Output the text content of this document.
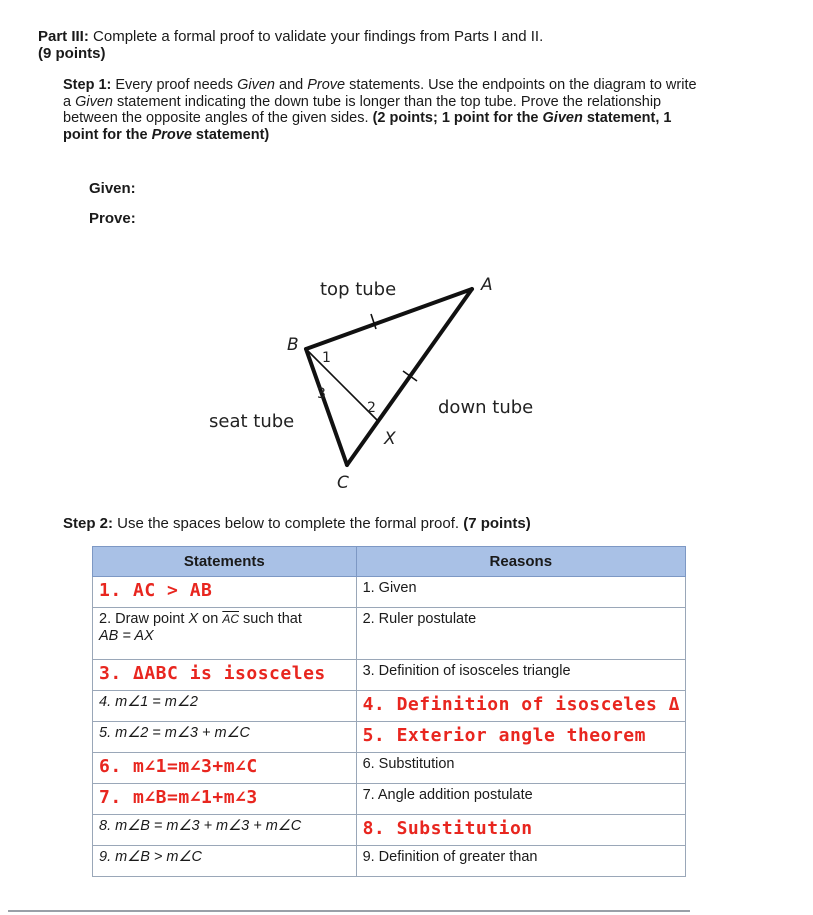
Part III: Complete a formal proof to validate your findings from Parts I and II.
(9 points)
Step 1: Every proof needs Given and Prove statements. Use the endpoints on the diagram to write a Given statement indicating the down tube is longer than the top tube. Prove the relationship between the opposite angles of the given sides. (2 points; 1 point for the Given statement, 1 point for the Prove statement)
Given:
Prove:
top tube
down tube
seat tube
A
B
C
X
1
3
2
Step 2: Use the spaces below to complete the formal proof. (7 points)
Statements	Reasons
1. AC > AB	1. Given
2. Draw point X on $\overline{AC}$ such that
AB = AX	2. Ruler postulate
3. ΔABC is isosceles	3. Definition of isosceles triangle
4. m∠1 = m∠2	4. Definition of isosceles Δ
5. m∠2 = m∠3 + m∠C	5. Exterior angle theorem
6. m∠1=m∠3+m∠C	6. Substitution
7. m∠B=m∠1+m∠3	7. Angle addition postulate
8. m∠B = m∠3 + m∠3 + m∠C	8. Substitution
9. m∠B > m∠C	9. Definition of greater than
